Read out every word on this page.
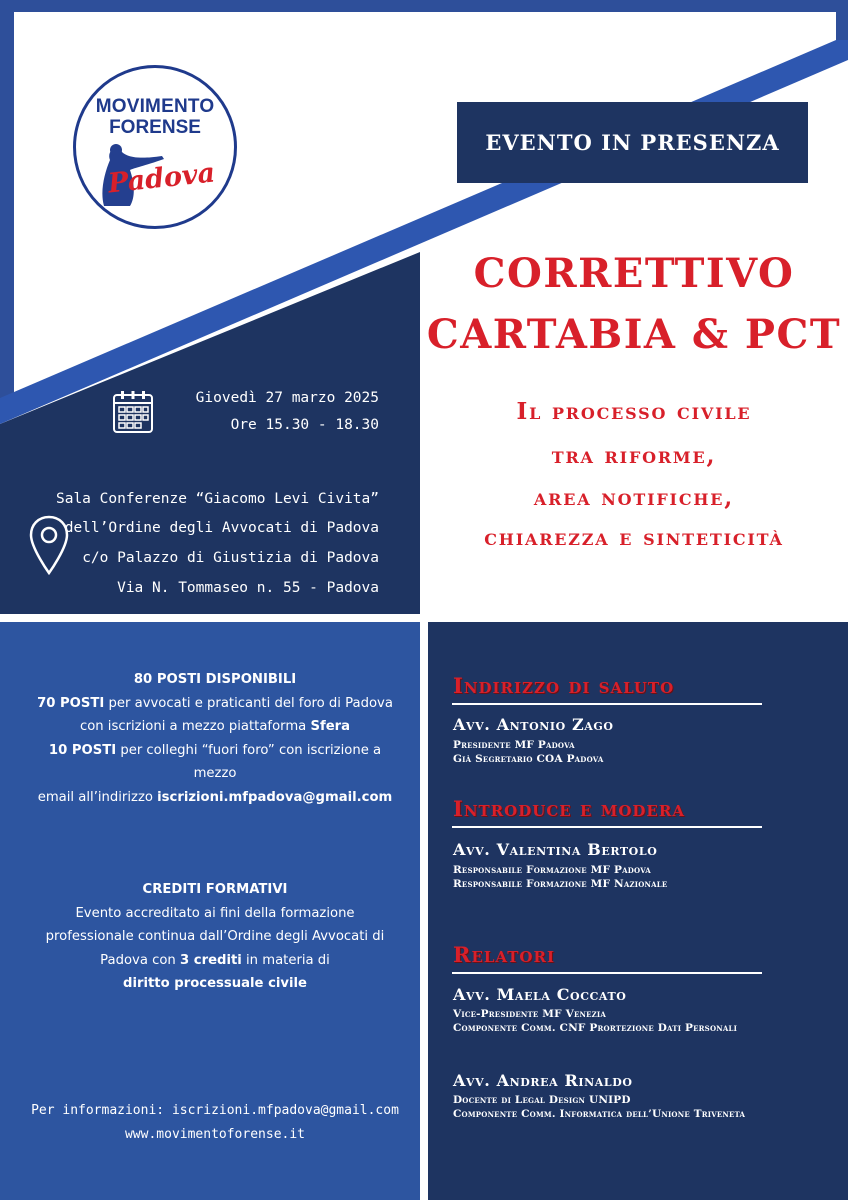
MOVIMENTO
FORENSE
Padova
EVENTO IN PRESENZA
CORRETTIVO
CARTABIA & PCT
Il processo civile
tra riforme,
area notifiche,
chiarezza e sinteticità
Giovedì 27 marzo 2025
Ore 15.30 - 18.30
Sala Conferenze “Giacomo Levi Civita”
dell’Ordine degli Avvocati di Padova
c/o Palazzo di Giustizia di Padova
Via N. Tommaseo n. 55 - Padova
80 POSTI DISPONIBILI
70 POSTI per avvocati e praticanti del foro di Padova
con iscrizioni a mezzo piattaforma Sfera
10 POSTI per colleghi “fuori foro” con iscrizione a mezzo
email all’indirizzo iscrizioni.mfpadova@gmail.com
CREDITI FORMATIVI
Evento accreditato ai fini della formazione
professionale continua dall’Ordine degli Avvocati di
Padova con 3 crediti in materia di
diritto processuale civile
Per informazioni: iscrizioni.mfpadova@gmail.com
www.movimentoforense.it
Indirizzo di saluto
Avv. Antonio Zago
Presidente MF Padova
Già Segretario COA Padova
Introduce e modera
Avv. Valentina Bertolo
Responsabile Formazione MF Padova
Responsabile Formazione MF Nazionale
Relatori
Avv. Maela Coccato
Vice-Presidente MF Venezia
Componente Comm. CNF Prortezione Dati Personali
Avv. Andrea Rinaldo
Docente di Legal Design UNIPD
Componente Comm. Informatica dell’Unione Triveneta
